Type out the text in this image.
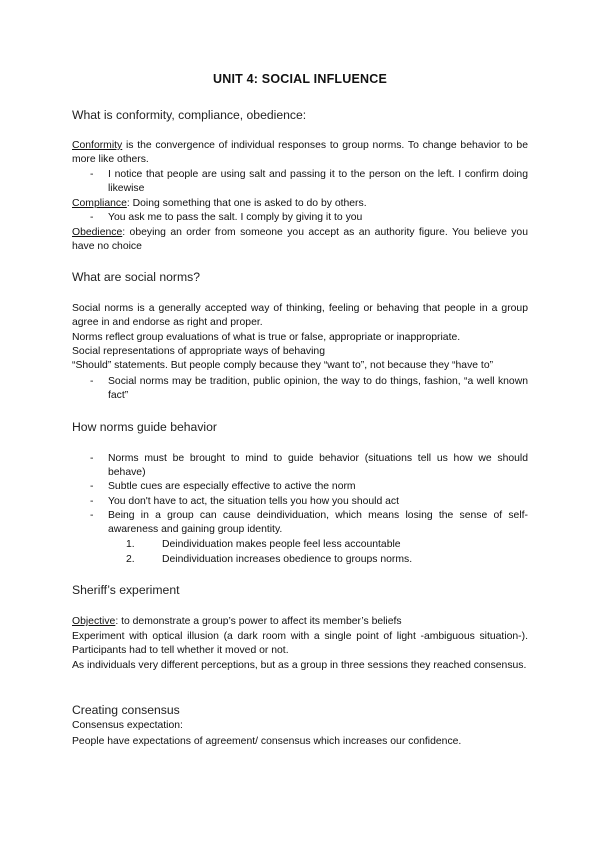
UNIT 4: SOCIAL INFLUENCE
What is conformity, compliance, obedience:
Conformity is the convergence of individual responses to group norms. To change behavior to be more like others.
-	I notice that people are using salt and passing it to the person on the left. I confirm doing likewise
Compliance: Doing something that one is asked to do by others.
-	You ask me to pass the salt. I comply by giving it to you
Obedience: obeying an order from someone you accept as an authority figure. You believe you have no choice
What are social norms?
Social norms is a generally accepted way of thinking, feeling or behaving that people in a group agree in and endorse as right and proper.
Norms reflect group evaluations of what is true or false, appropriate or inappropriate.
Social representations of appropriate ways of behaving
“Should” statements. But people comply because they “want to”, not because they “have to”
-	Social norms may be tradition, public opinion, the way to do things, fashion, “a well known fact”
How norms guide behavior
-	Norms must be brought to mind to guide behavior (situations tell us how we should behave)
-	Subtle cues are especially effective to active the norm
-	You don't have to act, the situation tells you how you should act
-	Being in a group can cause deindividuation, which means losing the sense of self-awareness and gaining group identity.
1.	Deindividuation makes people feel less accountable
2.	Deindividuation increases obedience to groups norms.
Sheriff’s experiment
Objective: to demonstrate a group’s power to affect its member’s beliefs
Experiment with optical illusion (a dark room with a single point of light -ambiguous situation-). Participants had to tell whether it moved or not.
As individuals very different perceptions, but as a group in three sessions they reached consensus.
Creating consensus
Consensus expectation:
People have expectations of agreement/ consensus which increases our confidence.
